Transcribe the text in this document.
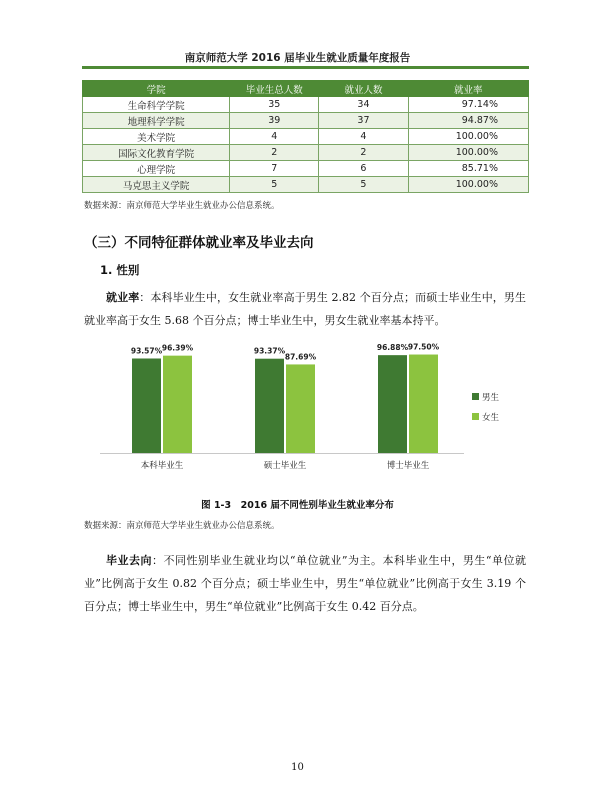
南京师范大学 2016 届毕业生就业质量年度报告
学院	毕业生总人数	就业人数	就业率
生命科学学院	35	34	97.14%
地理科学学院	39	37	94.87%
美术学院	4	4	100.00%
国际文化教育学院	2	2	100.00%
心理学院	7	6	85.71%
马克思主义学院	5	5	100.00%
数据来源：南京师范大学毕业生就业办公信息系统。
（三）不同特征群体就业率及毕业去向
1. 性别
就业率：本科毕业生中，女生就业率高于男生 2.82 个百分点；而硕士毕业生中，男生就业率高于女生 5.68 个百分点；博士毕业生中，男女生就业率基本持平。
93.57%	93.37%	96.88%
96.39%
87.69%
97.50%
本科毕业生	硕士毕业生	博士毕业生
男生
女生
图 1-3　2016 届不同性别毕业生就业率分布
数据来源：南京师范大学毕业生就业办公信息系统。
毕业去向：不同性别毕业生就业均以“单位就业”为主。本科毕业生中，男生“单位就业”比例高于女生 0.82 个百分点；硕士毕业生中，男生“单位就业”比例高于女生 3.19 个百分点；博士毕业生中，男生“单位就业”比例高于女生 0.42 百分点。
10
